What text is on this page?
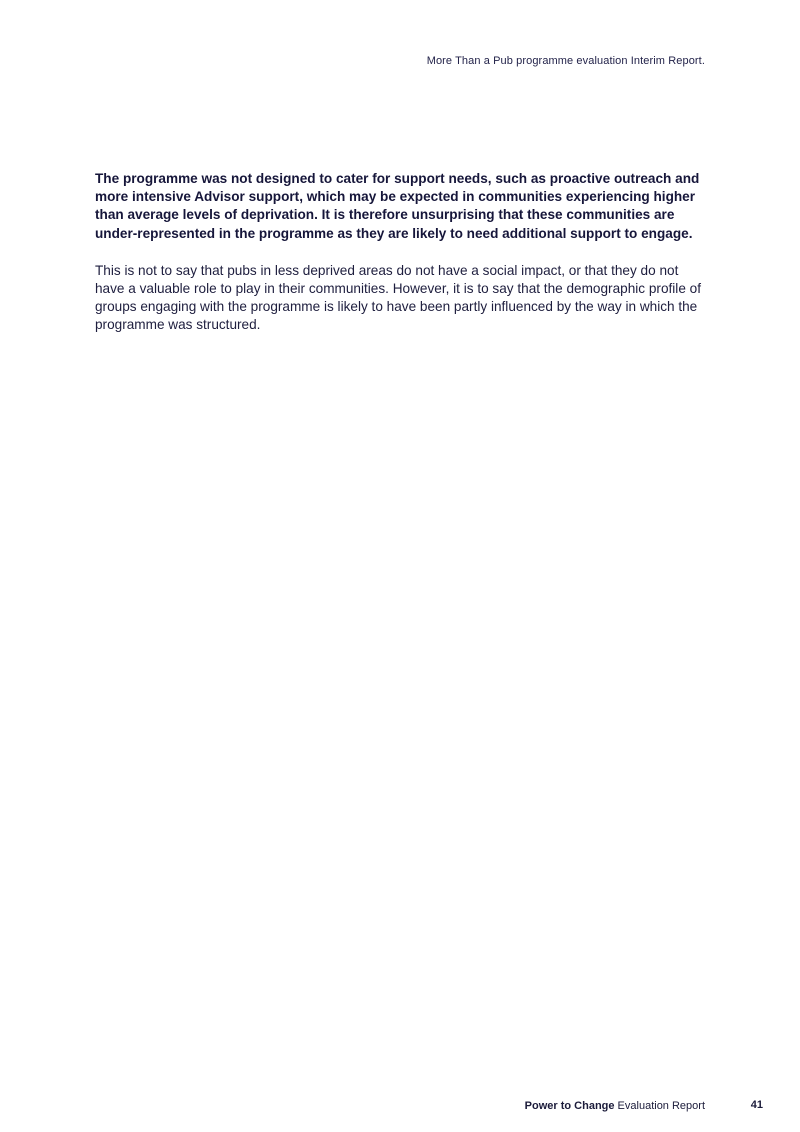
More Than a Pub programme evaluation Interim Report.

The programme was not designed to cater for support needs, such as proactive outreach and more intensive Advisor support, which may be expected in communities experiencing higher than average levels of deprivation. It is therefore unsurprising that these communities are under-represented in the programme as they are likely to need additional support to engage.

This is not to say that pubs in less deprived areas do not have a social impact, or that they do not have a valuable role to play in their communities. However, it is to say that the demographic profile of groups engaging with the programme is likely to have been partly influenced by the way in which the programme was structured.

Power to Change Evaluation Report	41
